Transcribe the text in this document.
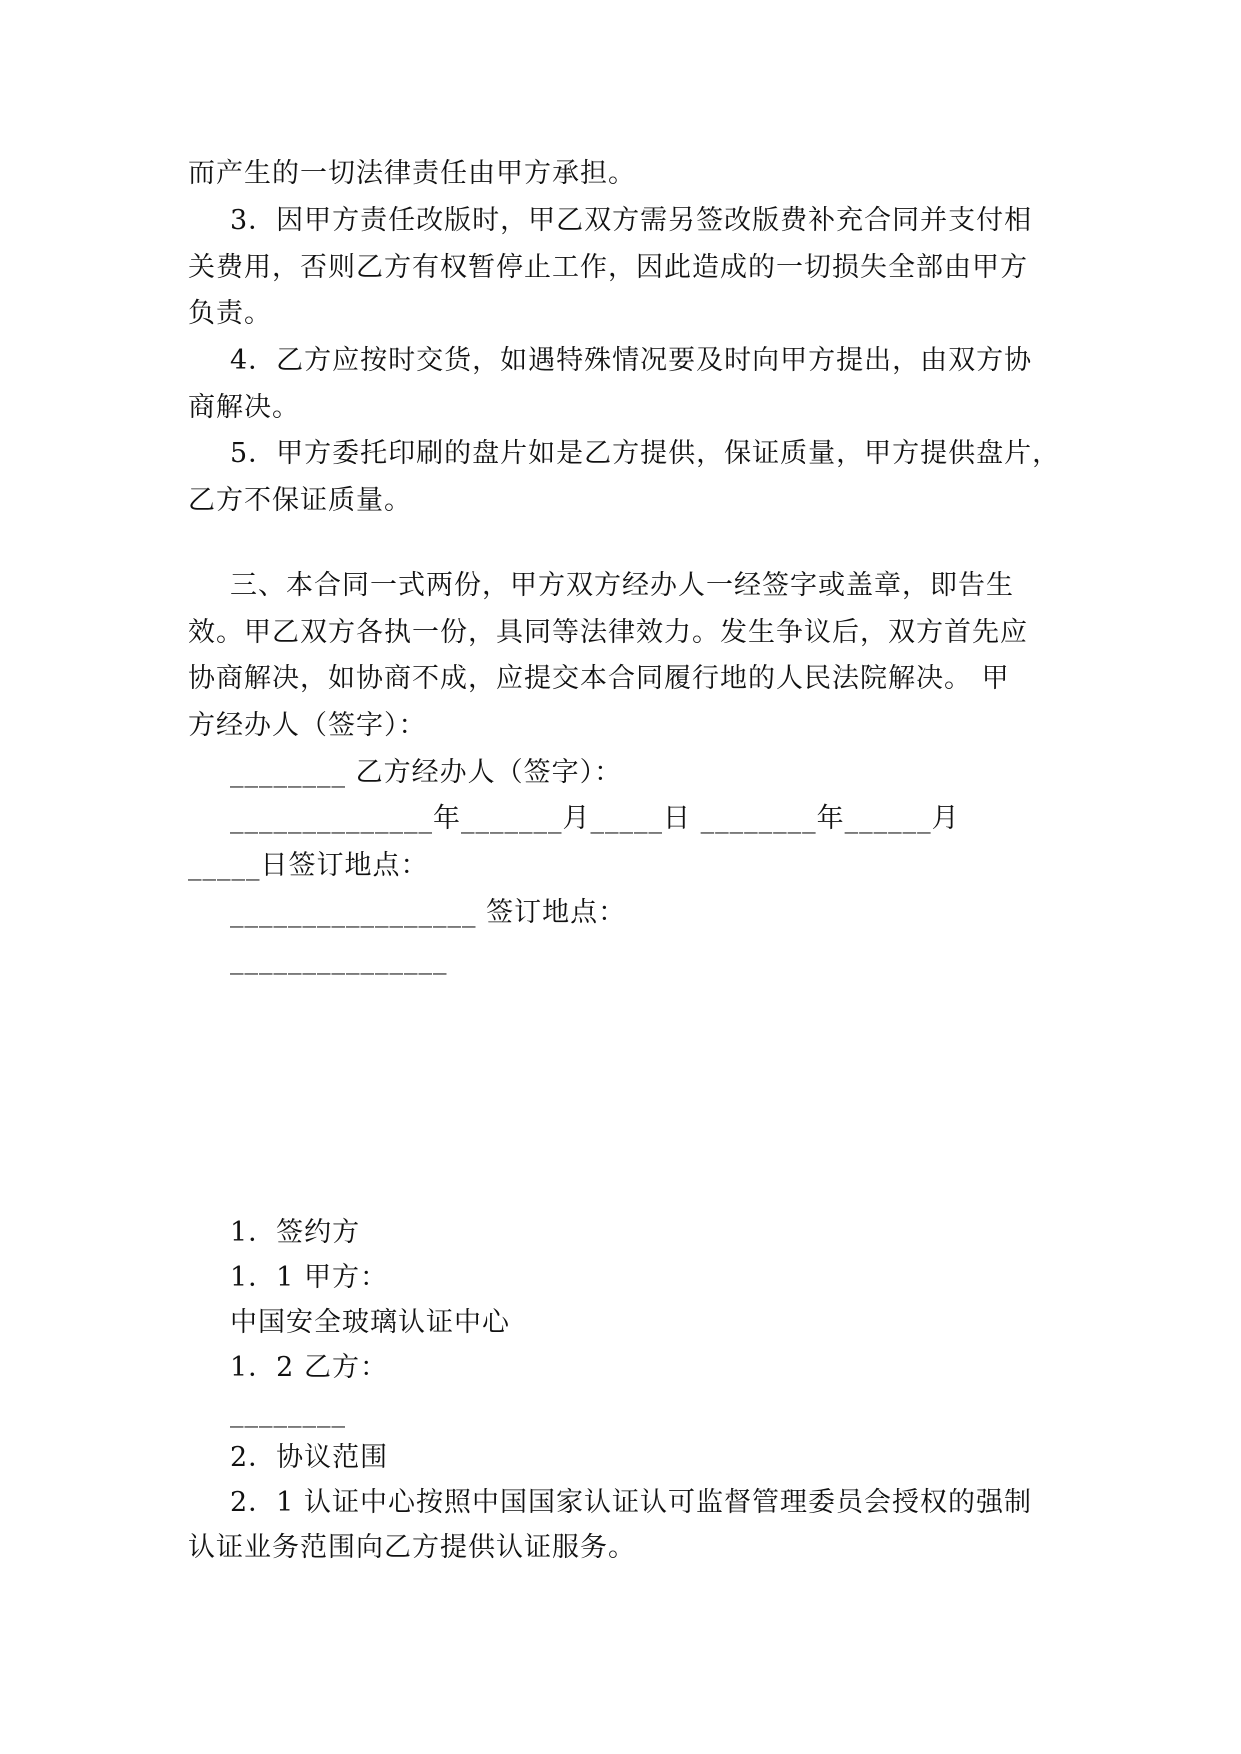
而产生的一切法律责任由甲方承担。
3．因甲方责任改版时，甲乙双方需另签改版费补充合同并支付相
关费用，否则乙方有权暂停止工作，因此造成的一切损失全部由甲方
负责。
4．乙方应按时交货，如遇特殊情况要及时向甲方提出，由双方协
商解决。
5．甲方委托印刷的盘片如是乙方提供，保证质量，甲方提供盘片，
乙方不保证质量。
三、本合同一式两份，甲方双方经办人一经签字或盖章，即告生
效。甲乙双方各执一份，具同等法律效力。发生争议后，双方首先应
协商解决，如协商不成，应提交本合同履行地的人民法院解决。 甲
方经办人（签字）：
________ 乙方经办人（签字）：
______________年_______月_____日 ________年______月
_____日签订地点：
_________________ 签订地点：
_______________
1．签约方
1．1 甲方：
中国安全玻璃认证中心
1．2 乙方：
________
2．协议范围
2．1 认证中心按照中国国家认证认可监督管理委员会授权的强制
认证业务范围向乙方提供认证服务。
